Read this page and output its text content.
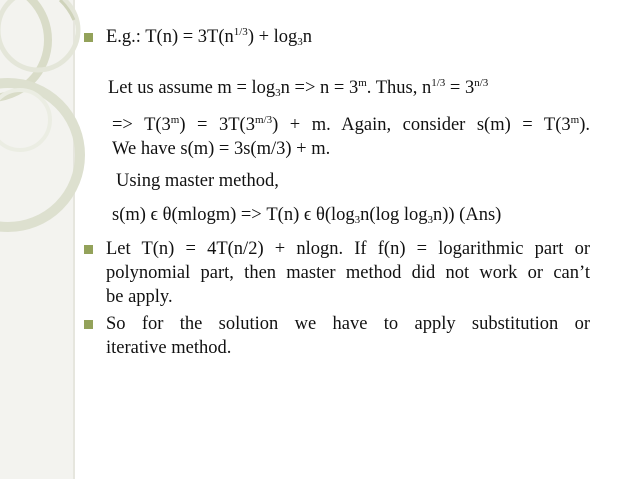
E.g.: $T(n) = 3T(n^{1/3}) + \log_3n$
Let us assume $m = \log_3n => n = 3^m$. Thus, $n^{1/3} = 3^{n/3}$
=> $T(3^m) = 3T(3^{m/3}) + m$. Again, consider $s(m) = T(3^m)$.
We have s(m) = 3s(m/3) + m.
Using master method,
s(m) ϵ θ(mlogm) => T(n) ϵ $\theta(\log_3n(\log$ $\log_3n$)) (Ans)
Let T(n) = 4T(n/2) + nlogn. If f(n) = logarithmic part or
polynomial part, then master method did not work or can’t
be apply.
So for the solution we have to apply substitution or
iterative method.
